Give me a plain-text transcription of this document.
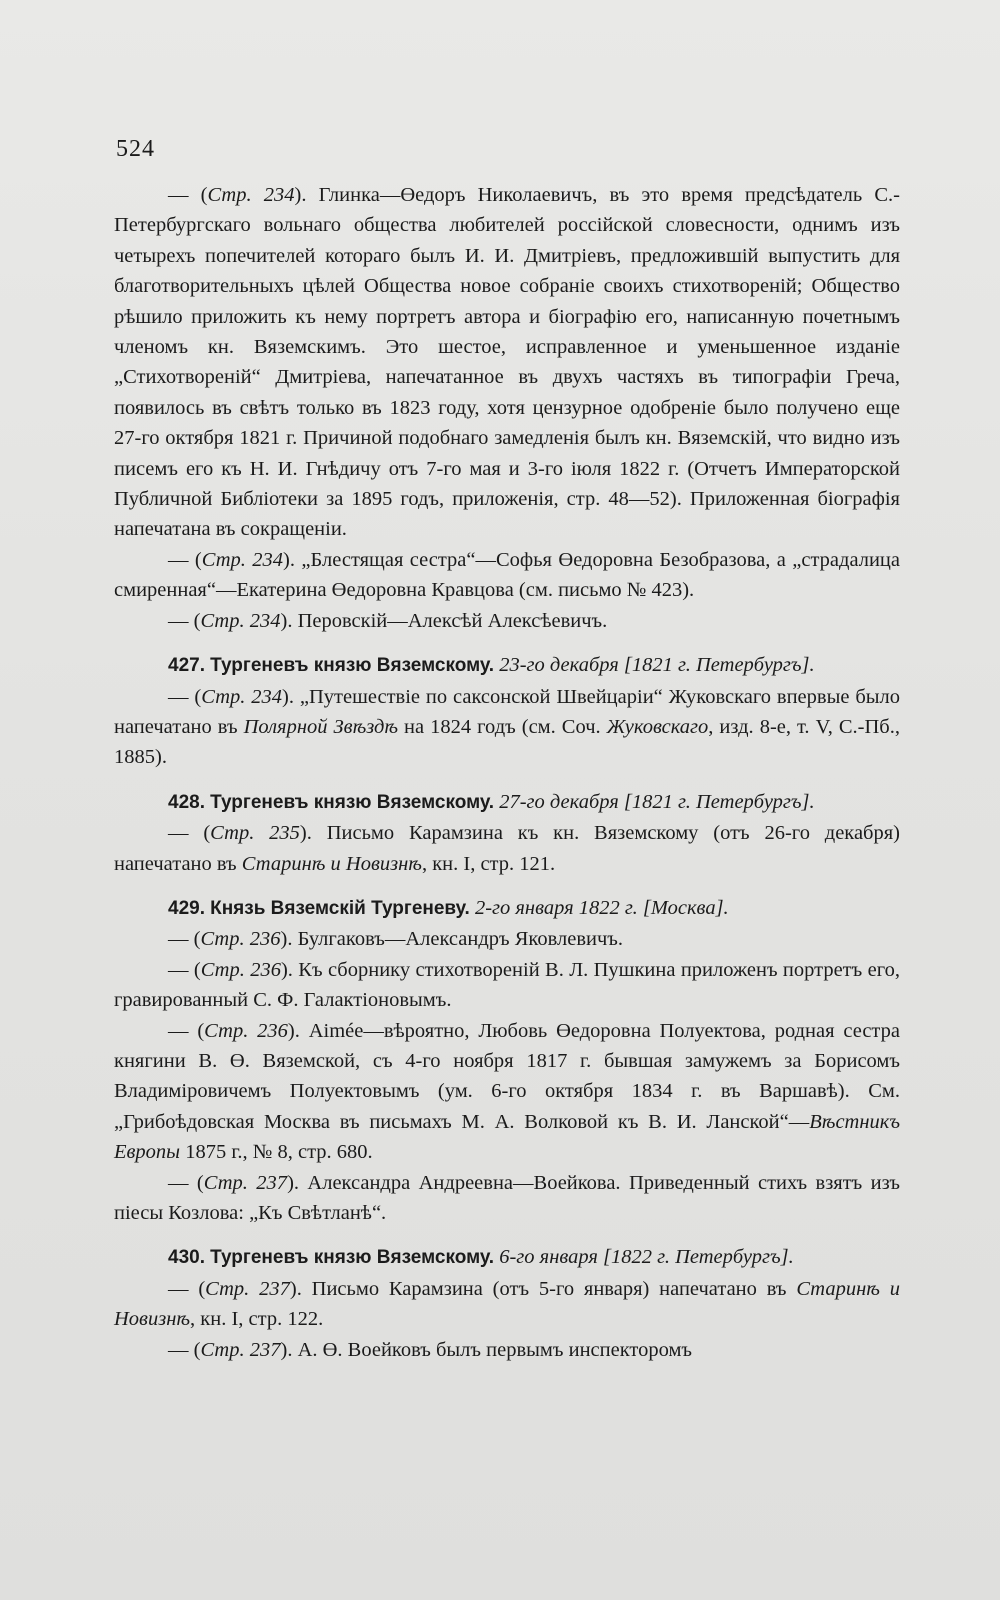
524

— (Стр. 234). Глинка—Өедоръ Николаевичъ, въ это время предсѣдатель С.-Петербургскаго вольнаго общества любителей россійской словесности, однимъ изъ четырехъ попечителей котораго былъ И. И. Дмитріевъ, предложившій выпустить для благотворительныхъ цѣлей Общества новое собраніе своихъ стихотвореній; Общество рѣшило приложить къ нему портретъ автора и біографію его, написанную почетнымъ членомъ кн. Вяземскимъ. Это шестое, исправленное и уменьшенное изданіе „Стихотвореній“ Дмитріева, напечатанное въ двухъ частяхъ въ типографіи Греча, появилось въ свѣтъ только въ 1823 году, хотя цензурное одобреніе было получено еще 27-го октября 1821 г. Причиной подобнаго замедленія былъ кн. Вяземскій, что видно изъ писемъ его къ Н. И. Гнѣдичу отъ 7-го мая и 3-го іюля 1822 г. (Отчетъ Императорской Публичной Библіотеки за 1895 годъ, приложенія, стр. 48—52). Приложенная біографія напечатана въ сокращеніи.

— (Стр. 234). „Блестящая сестра“—Софья Өедоровна Безобразова, а „страдалица смиренная“—Екатерина Өедоровна Кравцова (см. письмо № 423).

— (Стр. 234). Перовскій—Алексѣй Алексѣевичъ.

427. Тургеневъ князю Вяземскому. 23-го декабря [1821 г. Петербургъ].

— (Стр. 234). „Путешествіе по саксонской Швейцаріи“ Жуковскаго впервые было напечатано въ Полярной Звѣздѣ на 1824 годъ (см. Соч. Жуковскаго, изд. 8-е, т. V, С.-Пб., 1885).

428. Тургеневъ князю Вяземскому. 27-го декабря [1821 г. Петербургъ].

— (Стр. 235). Письмо Карамзина къ кн. Вяземскому (отъ 26-го декабря) напечатано въ Старинѣ и Новизнѣ, кн. I, стр. 121.

429. Князь Вяземскій Тургеневу. 2-го января 1822 г. [Москва].

— (Стр. 236). Булгаковъ—Александръ Яковлевичъ.

— (Стр. 236). Къ сборнику стихотвореній В. Л. Пушкина приложенъ портретъ его, гравированный С. Ф. Галактіоновымъ.

— (Стр. 236). Aimée—вѣроятно, Любовь Өедоровна Полуектова, родная сестра княгини В. Ө. Вяземской, съ 4-го ноября 1817 г. бывшая замужемъ за Борисомъ Владиміровичемъ Полуектовымъ (ум. 6-го октября 1834 г. въ Варшавѣ). См. „Грибоѣдовская Москва въ письмахъ М. А. Волковой къ В. И. Ланской“—Вѣстникъ Европы 1875 г., № 8, стр. 680.

— (Стр. 237). Александра Андреевна—Воейкова. Приведенный стихъ взятъ изъ піесы Козлова: „Къ Свѣтланѣ“.

430. Тургеневъ князю Вяземскому. 6-го января [1822 г. Петербургъ].

— (Стр. 237). Письмо Карамзина (отъ 5-го января) напечатано въ Старинѣ и Новизнѣ, кн. I, стр. 122.

— (Стр. 237). А. Ө. Воейковъ былъ первымъ инспекторомъ
